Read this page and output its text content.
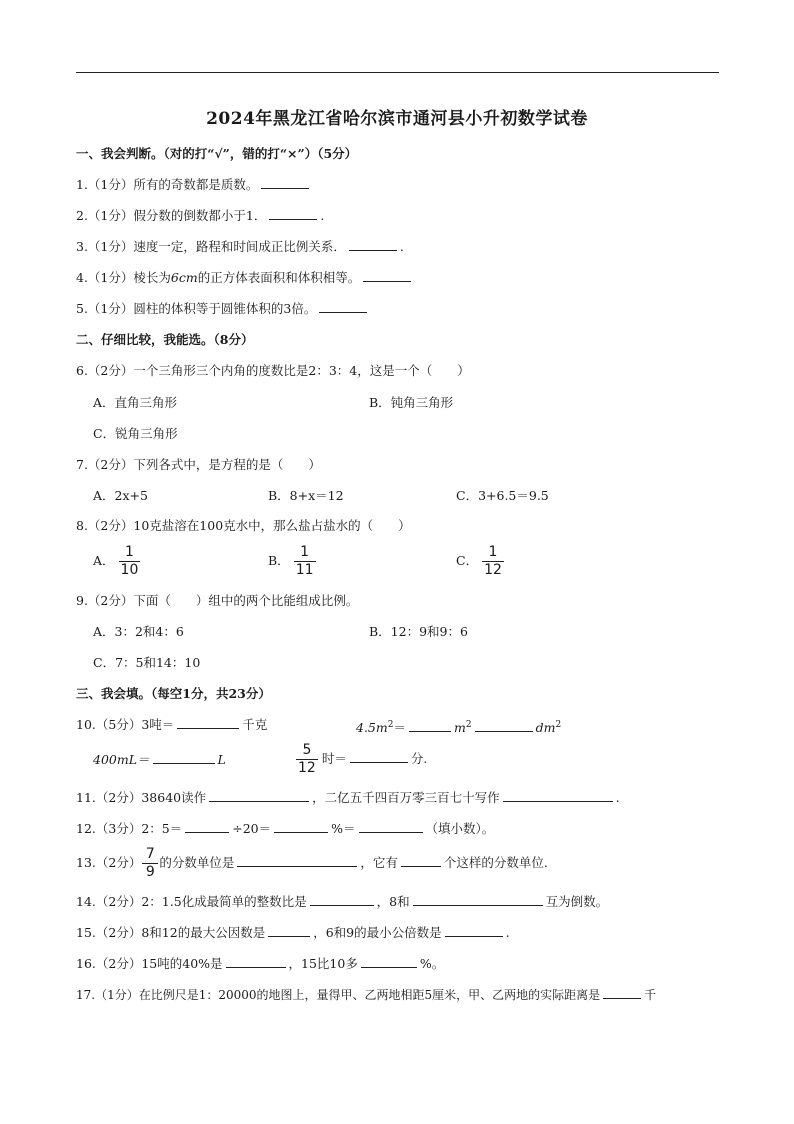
2024年黑龙江省哈尔滨市通河县小升初数学试卷
一、我会判断。（对的打“√”，错的打“×”）（5分）
1.（1分）所有的奇数都是质数。
2.（1分）假分数的倒数都小于1．	.
3.（1分）速度一定，路程和时间成正比例关系．	.
4.（1分）棱长为6cm的正方体表面积和体积相等。
5.（1分）圆柱的体积等于圆锥体积的3倍。
二、仔细比较，我能选。（8分）
6.（2分）一个三角形三个内角的度数比是2：3：4，这是一个（　　）
A．直角三角形	B．钝角三角形
C．锐角三角形
7.（2分）下列各式中，是方程的是（　　）
A．2x+5	B．8+x＝12	C．3+6.5＝9.5
8.（2分）10克盐溶在100克水中，那么盐占盐水的（　　）
A． $\frac{1}{10}$	B． $\frac{1}{11}$	C． $\frac{1}{12}$
9.（2分）下面（　　）组中的两个比能组成比例。
A．3：2和4：6	B．12：9和9：6
C．7：5和14：10
三、我会填。（每空1分，共23分）
10.（5分）3吨＝	千克	$4.5m^2=$	$m^2$	$dm^2$
400mL＝	L	$\frac{5}{12}$ 时＝	分.
11.（2分）38640读作	，二亿五千四百万零三百七十写作	.
12.（3分）2：5＝	÷20＝	%＝	（填小数）。
13.（2分） $\frac{7}{9}$ 的分数单位是	，它有	个这样的分数单位.
14.（2分）2：1.5化成最简单的整数比是	，8和	互为倒数。
15.（2分）8和12的最大公因数是	，6和9的最小公倍数是	.
16.（2分）15吨的40%是	，15比10多	%。
17.（1分）在比例尺是1：20000的地图上，量得甲、乙两地相距5厘米，甲、乙两地的实际距离是	千
